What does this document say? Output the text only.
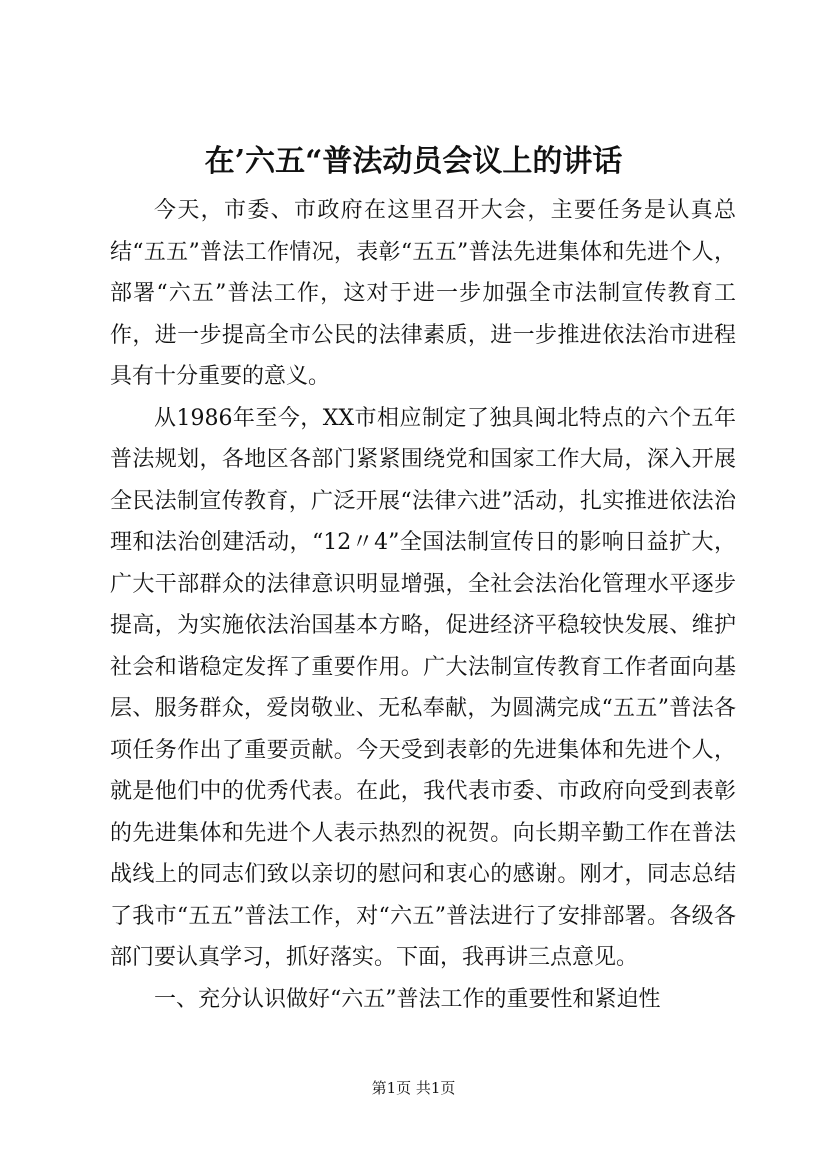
在’六五“普法动员会议上的讲话

今天，市委、市政府在这里召开大会，主要任务是认真总结“五五”普法工作情况，表彰“五五”普法先进集体和先进个人，部署“六五”普法工作，这对于进一步加强全市法制宣传教育工作，进一步提高全市公民的法律素质，进一步推进依法治市进程具有十分重要的意义。

从1986年至今，XX市相应制定了独具闽北特点的六个五年普法规划，各地区各部门紧紧围绕党和国家工作大局，深入开展全民法制宣传教育，广泛开展“法律六进”活动，扎实推进依法治理和法治创建活动，“12〃4”全国法制宣传日的影响日益扩大，广大干部群众的法律意识明显增强，全社会法治化管理水平逐步提高，为实施依法治国基本方略，促进经济平稳较快发展、维护社会和谐稳定发挥了重要作用。广大法制宣传教育工作者面向基层、服务群众，爱岗敬业、无私奉献，为圆满完成“五五”普法各项任务作出了重要贡献。今天受到表彰的先进集体和先进个人，就是他们中的优秀代表。在此，我代表市委、市政府向受到表彰的先进集体和先进个人表示热烈的祝贺。向长期辛勤工作在普法战线上的同志们致以亲切的慰问和衷心的感谢。刚才，同志总结了我市“五五”普法工作，对“六五”普法进行了安排部署。各级各部门要认真学习，抓好落实。下面，我再讲三点意见。

一、充分认识做好“六五”普法工作的重要性和紧迫性

第1页 共1页
